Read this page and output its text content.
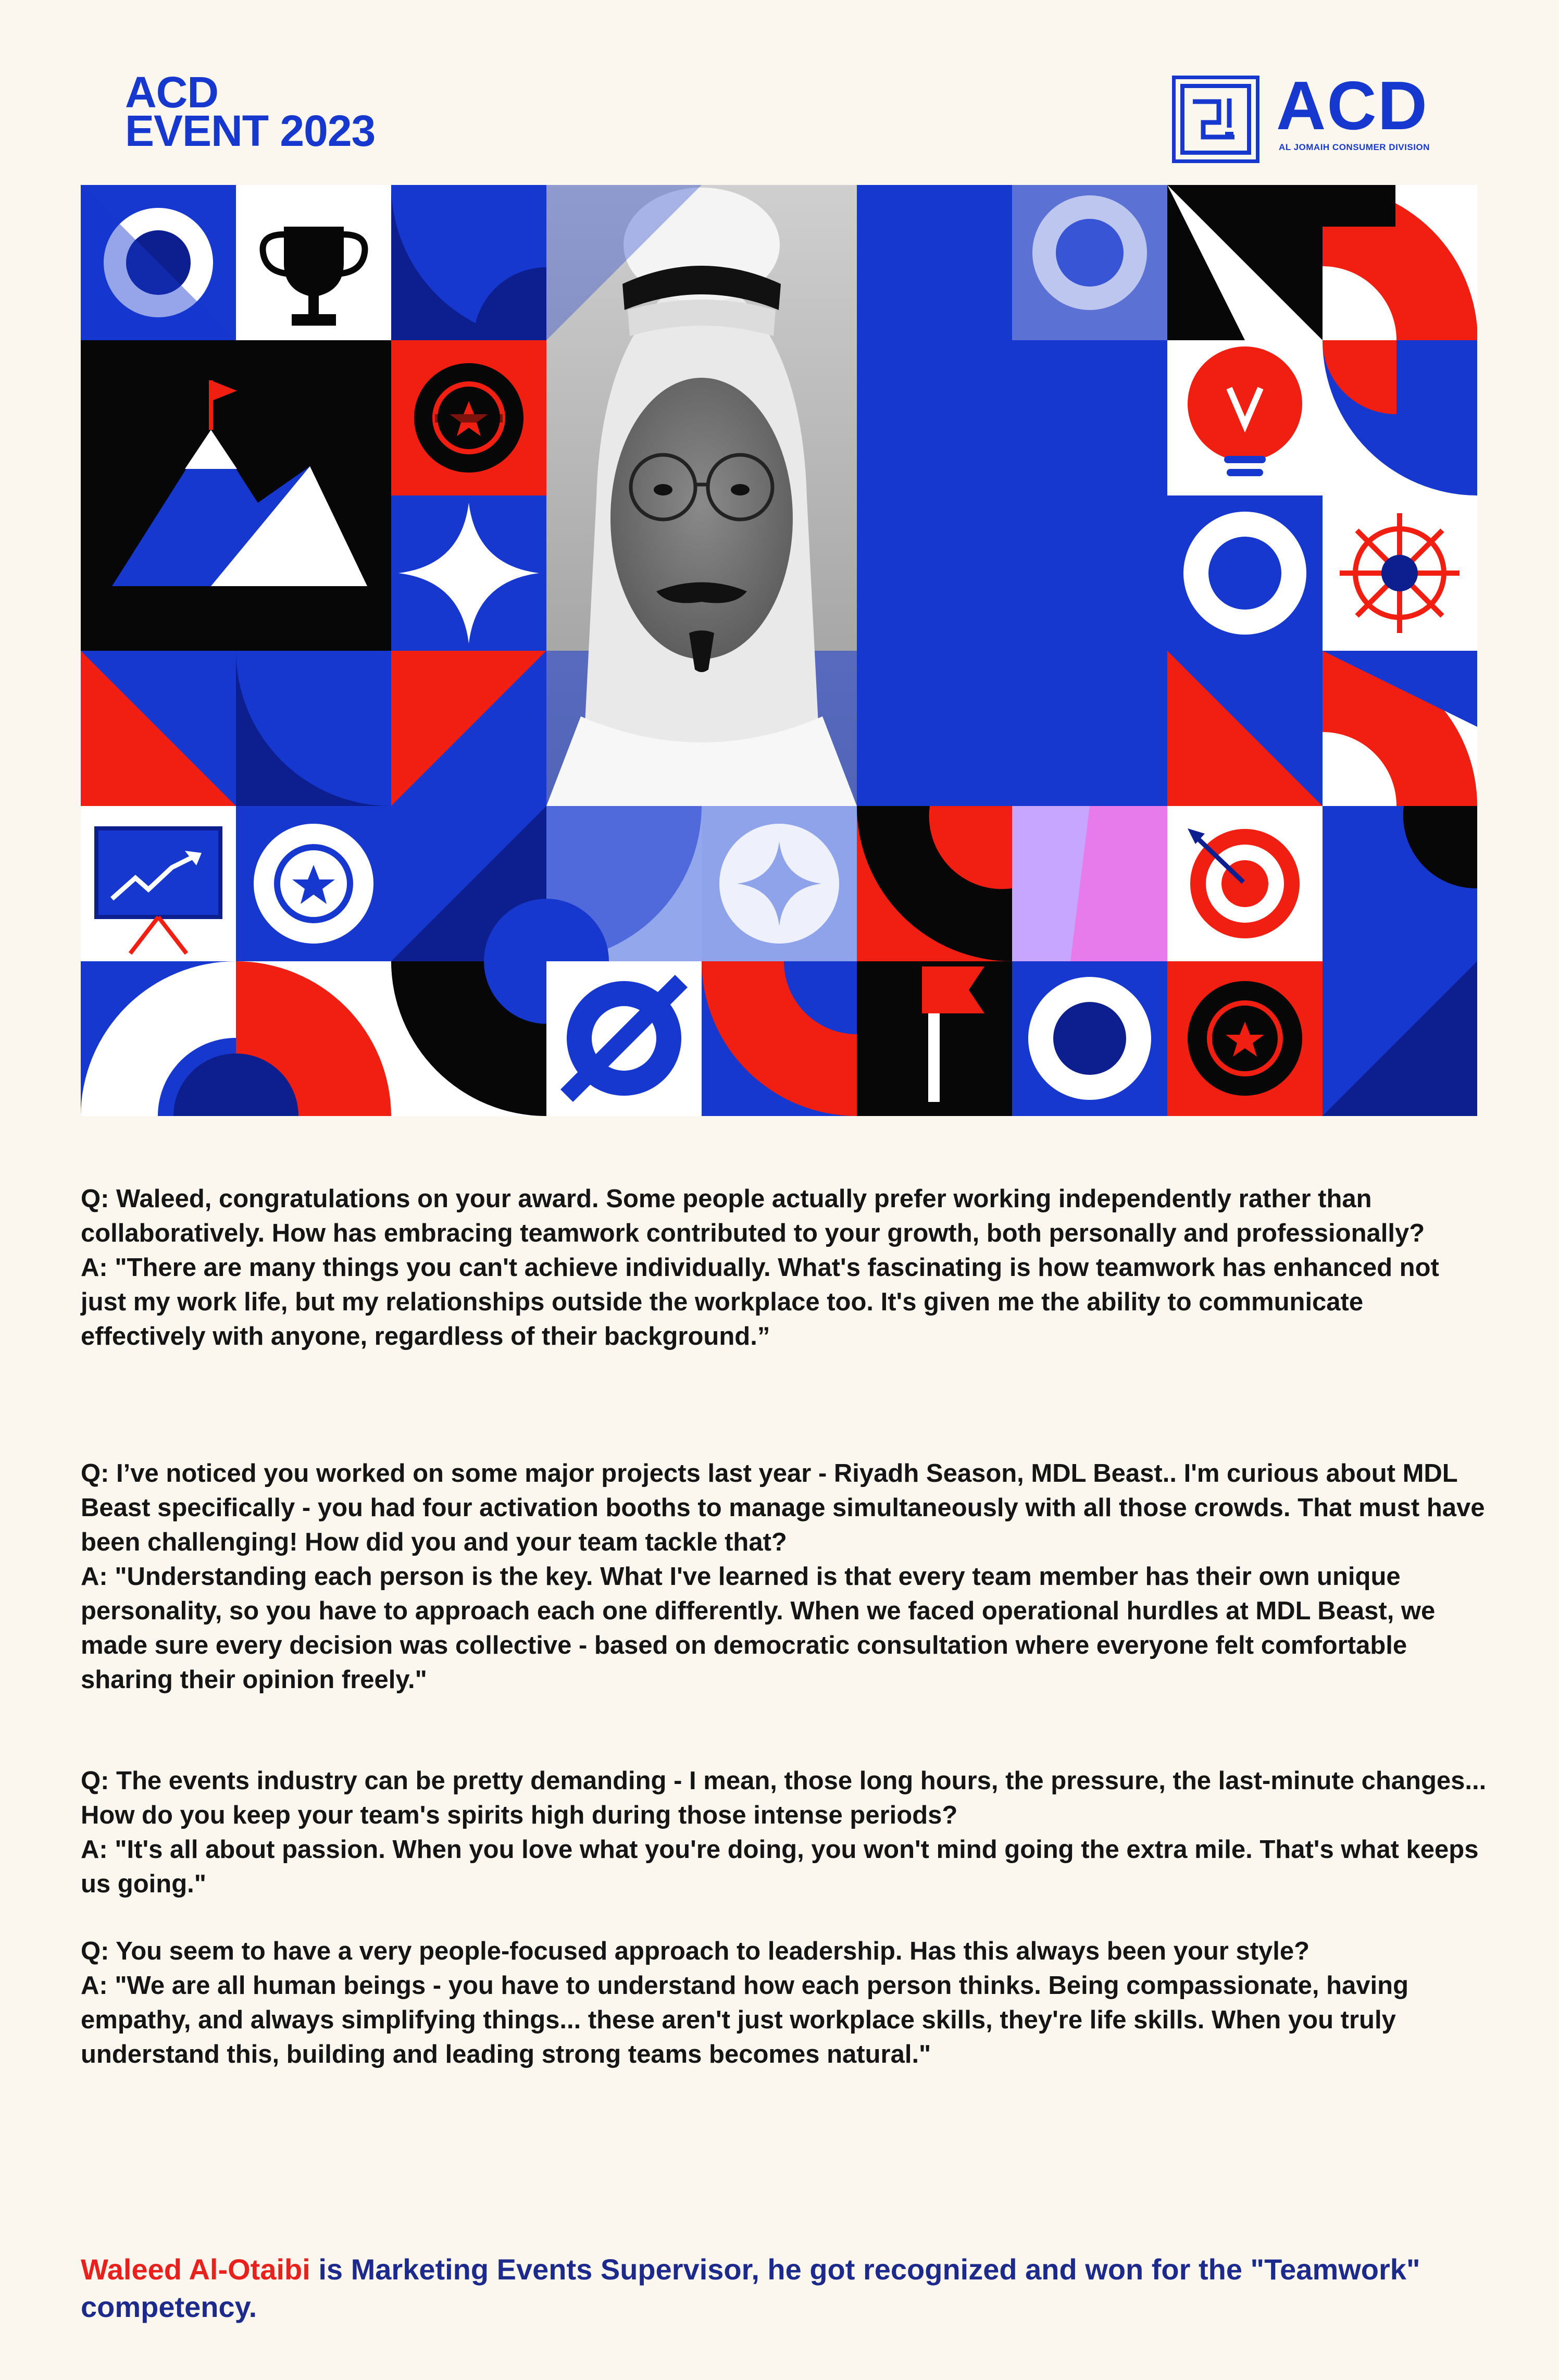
ACD
EVENT 2023	ACD
AL JOMAIH CONSUMER DIVISION

Q: Waleed, congratulations on your award. Some people actually prefer working independently rather than collaboratively. How has embracing teamwork contributed to your growth, both personally and professionally?

A: "There are many things you can't achieve individually. What's fascinating is how teamwork has enhanced not just my work life, but my relationships outside the workplace too. It's given me the ability to communicate effectively with anyone, regardless of their background.”

Q: I’ve noticed you worked on some major projects last year - Riyadh Season, MDL Beast.. I'm curious about MDL Beast specifically - you had four activation booths to manage simultaneously with all those crowds. That must have been challenging! How did you and your team tackle that?

A: "Understanding each person is the key. What I've learned is that every team member has their own unique personality, so you have to approach each one differently. When we faced operational hurdles at MDL Beast, we made sure every decision was collective - based on democratic consultation where everyone felt comfortable sharing their opinion freely."

Q: The events industry can be pretty demanding - I mean, those long hours, the pressure, the last-minute changes... How do you keep your team's spirits high during those intense periods?

A: "It's all about passion. When you love what you're doing, you won't mind going the extra mile. That's what keeps us going."

Q: You seem to have a very people-focused approach to leadership. Has this always been your style?

A: "We are all human beings - you have to understand how each person thinks. Being compassionate, having empathy, and always simplifying things... these aren't just workplace skills, they're life skills. When you truly understand this, building and leading strong teams becomes natural."

Waleed Al-Otaibi is Marketing Events Supervisor, he got recognized and won for the "Teamwork" competency.
